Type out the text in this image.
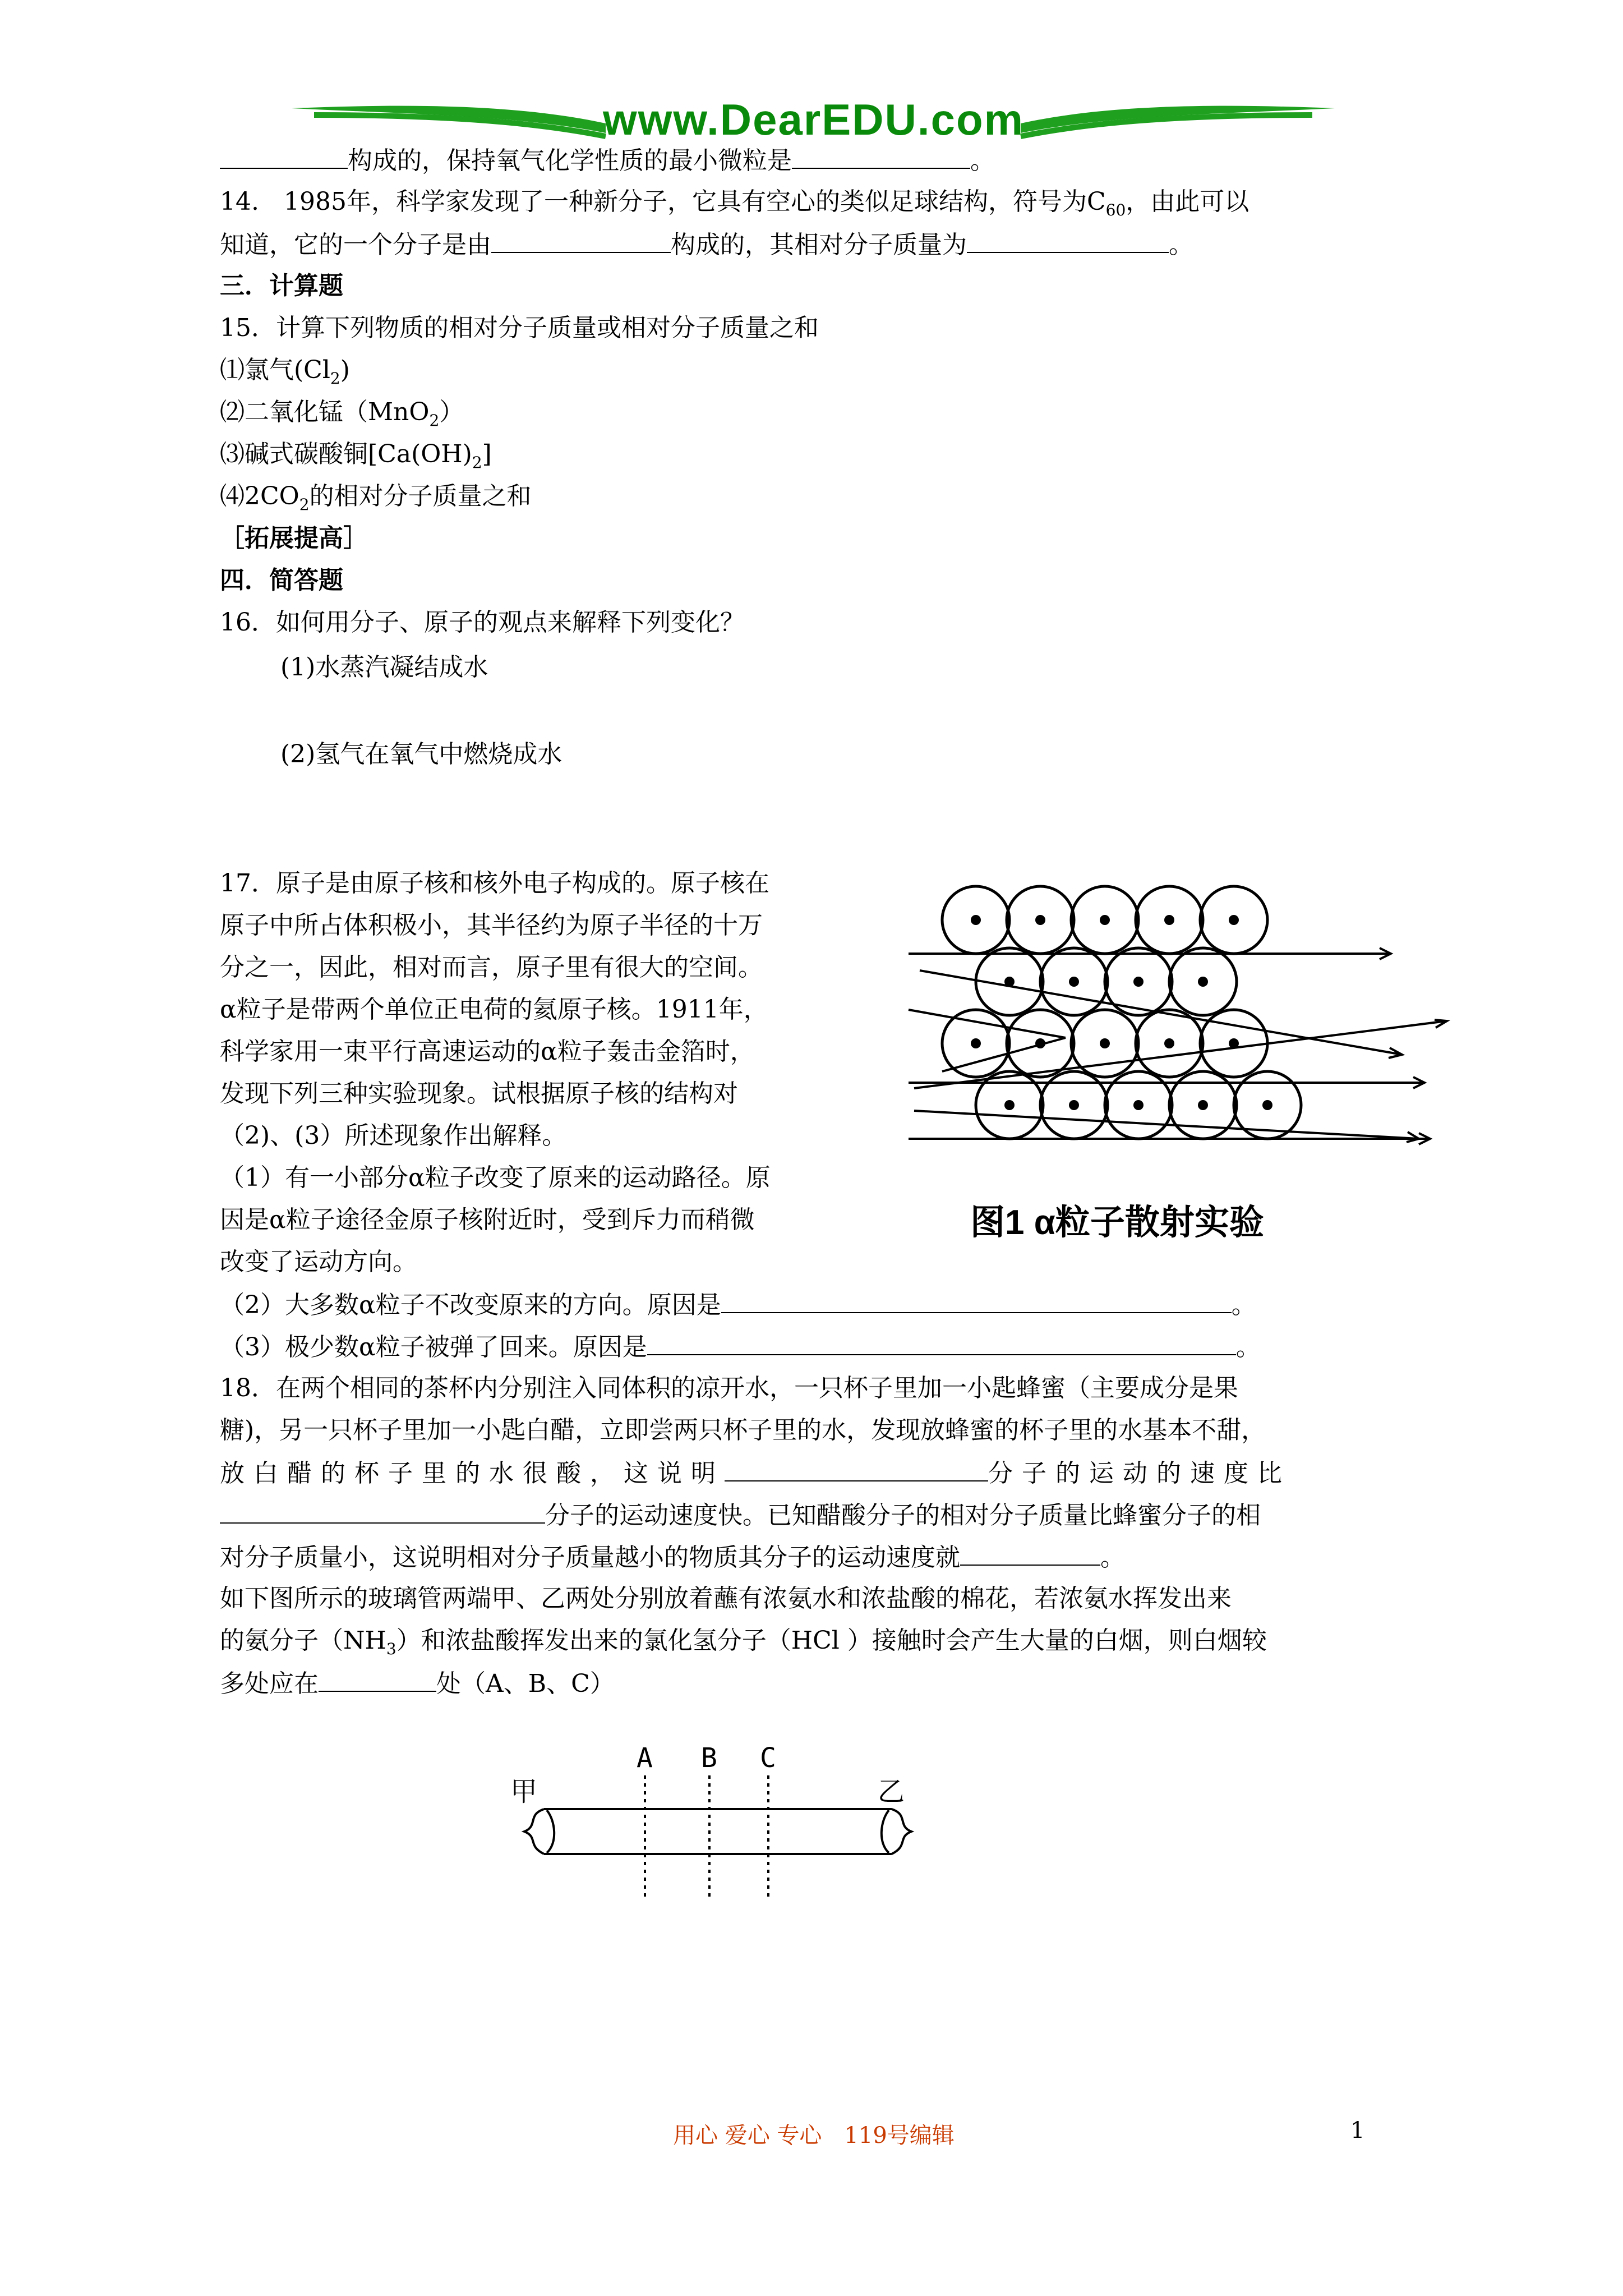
www.DearEDU.com
构成的，保持氧气化学性质的最小微粒是	。
14.　1985年，科学家发现了一种新分子，它具有空心的类似足球结构，符号为$C_{60}$，由此可以
知道，它的一个分子是由	构成的，其相对分子质量为	。
三．计算题
15．计算下列物质的相对分子质量或相对分子质量之和
⑴氯气$(Cl_2)$
⑵二氧化锰（MnO$_2$）
⑶碱式碳酸铜$[Ca(OH)_2]$
$⑷2CO_2$的相对分子质量之和
［拓展提高］
四．简答题
16．如何用分子、原子的观点来解释下列变化？
(1)水蒸汽凝结成水
(2)氢气在氧气中燃烧成水
17．原子是由原子核和核外电子构成的。原子核在
原子中所占体积极小，其半径约为原子半径的十万
分之一，因此，相对而言，原子里有很大的空间。
α粒子是带两个单位正电荷的氦原子核。1911年，
科学家用一束平行高速运动的α粒子轰击金箔时，
发现下列三种实验现象。试根据原子核的结构对
（2)、(3）所述现象作出解释。
（1）有一小部分α粒子改变了原来的运动路径。原
因是α粒子途径金原子核附近时，受到斥力而稍微
改变了运动方向。
（2）大多数α粒子不改变原来的方向。原因是	。
（3）极少数α粒子被弹了回来。原因是	。
18．在两个相同的茶杯内分别注入同体积的凉开水，一只杯子里加一小匙蜂蜜（主要成分是果
糖)，另一只杯子里加一小匙白醋，立即尝两只杯子里的水，发现放蜂蜜的杯子里的水基本不甜，
放白醋的杯子里的水很酸，这说明	分子的运动的速度比
分子的运动速度快。已知醋酸分子的相对分子质量比蜂蜜分子的相
对分子质量小，这说明相对分子质量越小的物质其分子的运动速度就	。
如下图所示的玻璃管两端甲、乙两处分别放着蘸有浓氨水和浓盐酸的棉花，若浓氨水挥发出来
的氨分子$(NH_3)$和浓盐酸挥发出来的氯化氢分子（HCl ）接触时会产生大量的白烟，则白烟较
多处应在	处（A、B、C）
图1 α粒子散射实验
甲	乙
A B C
用心 爱心 专心　119号编辑	1
